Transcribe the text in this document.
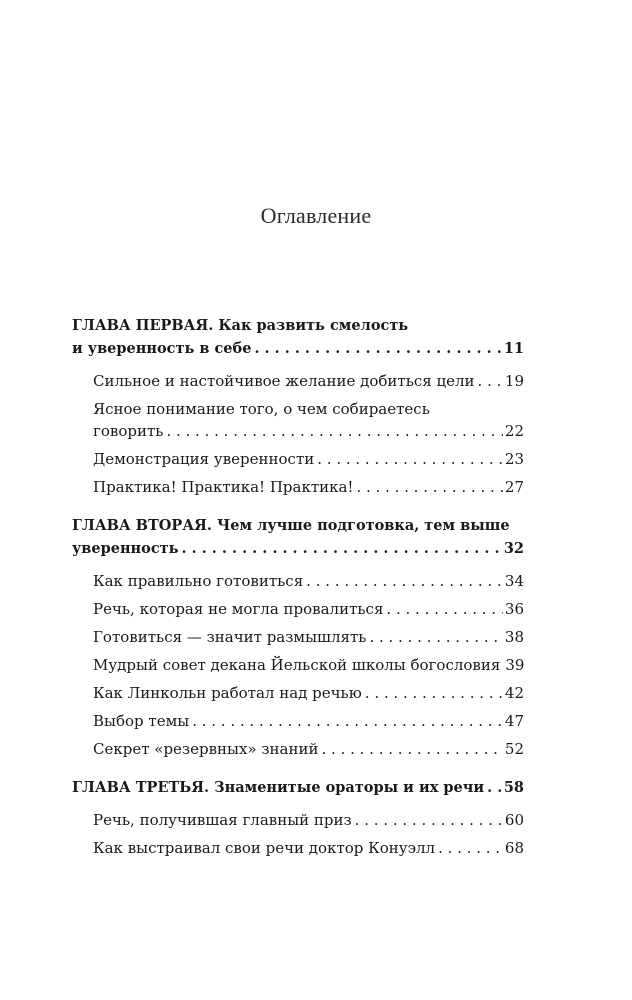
Оглавление
ГЛАВА ПЕРВАЯ. Как развить смелость
и уверенность в себе . . .	11
Сильное и настойчивое желание добиться цели . . . 19
Ясное понимание того, о чем собираетесь
говорить . . .	22
Демонстрация уверенности . . .	23
Практика! Практика! Практика! . . .	27
ГЛАВА ВТОРАЯ. Чем лучше подготовка, тем выше
уверенность . . .	32
Как правильно готовиться . . .	34
Речь, которая не могла провалиться . . .	36
Готовиться — значит размышлять . . .	38
Мудрый совет декана Йельской школы богословия 39
Как Линкольн работал над речью . . .	42
Выбор темы . . .	47
Секрет «резервных» знаний . . .	52
ГЛАВА ТРЕТЬЯ. Знаменитые ораторы и их речи . . . 58
Речь, получившая главный приз . . .	60
Как выстраивал свои речи доктор Конуэлл . . .	68
